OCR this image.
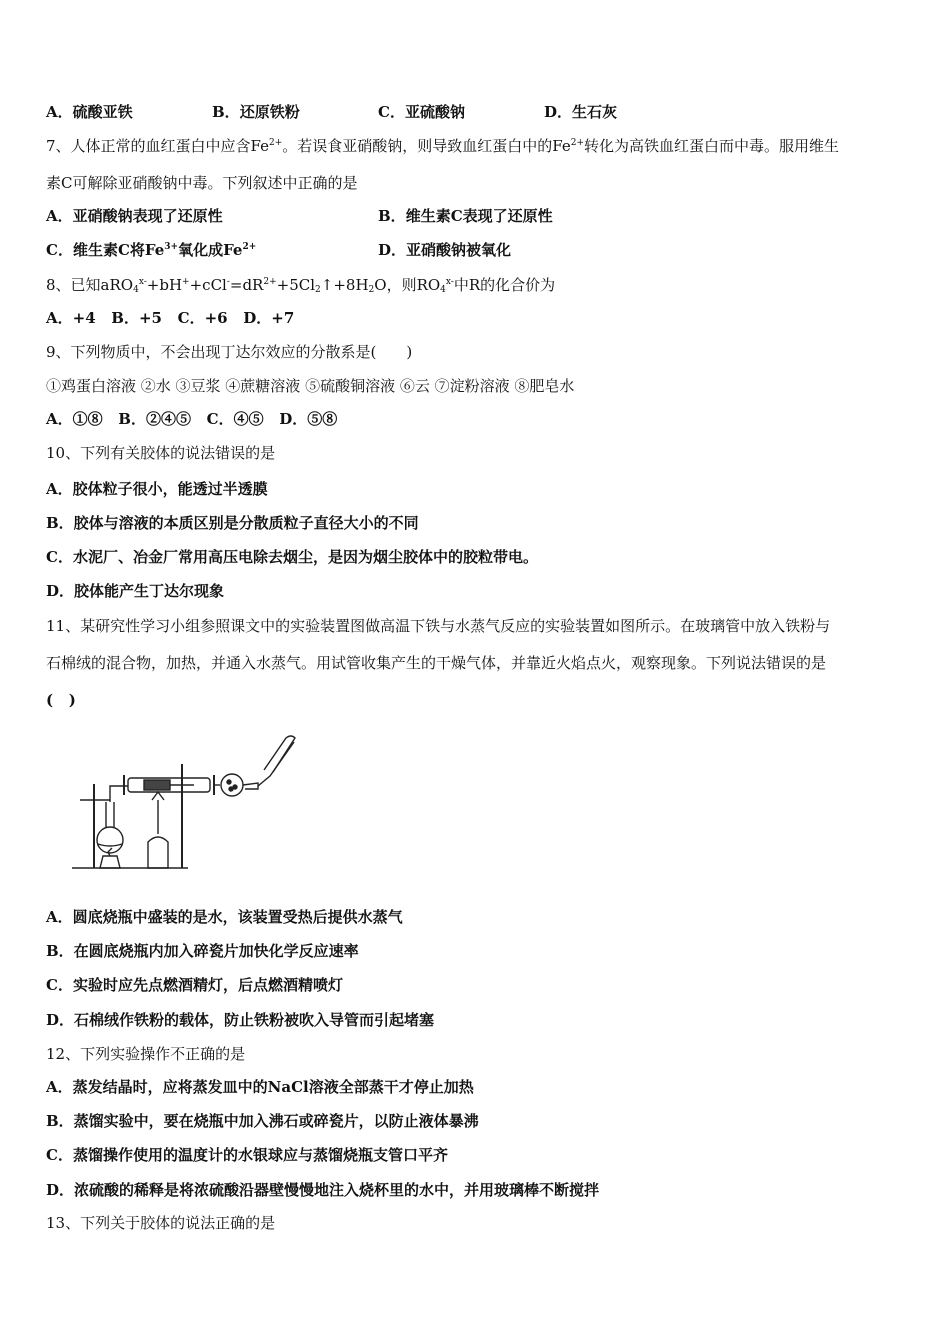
A．硫酸亚铁	B．还原铁粉	C．亚硫酸钠	D．生石灰
7、人体正常的血红蛋白中应含$Fe^{2+}$。若误食亚硝酸钠，则导致血红蛋白中的$Fe^{2+}$转化为高铁血红蛋白而中毒。服用维生
素C可解除亚硝酸钠中毒。下列叙述中正确的是
A．亚硝酸钠表现了还原性	B．维生素C表现了还原性
C．维生素C将$Fe^{3+}$氧化成$Fe^{2+}$	D．亚硝酸钠被氧化
8、已知$aRO_4^{x-}+bH^++cCl^-=dR^{2+}+5Cl_2↑+8H_2O$，则$RO_4^{x-}$中R的化合价为
A．+4   B．+5   C．+6   D．+7
9、下列物质中，不会出现丁达尔效应的分散系是(　　)
①鸡蛋白溶液 ②水 ③豆浆 ④蔗糖溶液 ⑤硫酸铜溶液 ⑥云 ⑦淀粉溶液 ⑧肥皂水
A．①⑧   B．②④⑤   C．④⑤   D．⑤⑧
10、下列有关胶体的说法错误的是
A．胶体粒子很小，能透过半透膜
B．胶体与溶液的本质区别是分散质粒子直径大小的不同
C．水泥厂、冶金厂常用高压电除去烟尘，是因为烟尘胶体中的胶粒带电。
D．胶体能产生丁达尔现象
11、某研究性学习小组参照课文中的实验装置图做高温下铁与水蒸气反应的实验装置如图所示。在玻璃管中放入铁粉与
石棉绒的混合物，加热，并通入水蒸气。用试管收集产生的干燥气体，并靠近火焰点火，观察现象。下列说法错误的是
(   )
A．圆底烧瓶中盛装的是水，该装置受热后提供水蒸气
B．在圆底烧瓶内加入碎瓷片加快化学反应速率
C．实验时应先点燃酒精灯，后点燃酒精喷灯
D．石棉绒作铁粉的载体，防止铁粉被吹入导管而引起堵塞
12、下列实验操作不正确的是
A．蒸发结晶时，应将蒸发皿中的NaCl溶液全部蒸干才停止加热
B．蒸馏实验中，要在烧瓶中加入沸石或碎瓷片，以防止液体暴沸
C．蒸馏操作使用的温度计的水银球应与蒸馏烧瓶支管口平齐
D．浓硫酸的稀释是将浓硫酸沿器壁慢慢地注入烧杯里的水中，并用玻璃棒不断搅拌
13、下列关于胶体的说法正确的是
